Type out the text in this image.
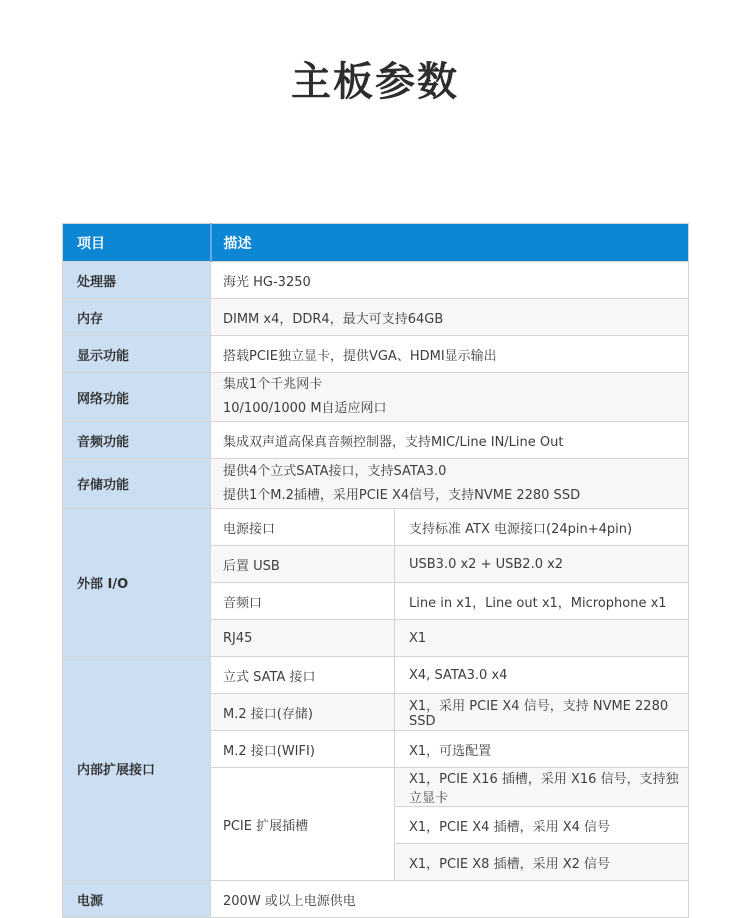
主板参数
项目	描述	
处理器	海光 HG-3250	
内存	DIMM x4，DDR4，最大可支持64GB	
显示功能	搭载PCIE独立显卡，提供VGA、HDMI显示输出	
网络功能	集成1个千兆网卡
10/100/1000 M自适应网口	

音频功能	集成双声道高保真音频控制器，支持MIC/Line IN/Line Out	
存储功能	提供4个立式SATA接口，支持SATA3.0
提供1个M.2插槽，采用PCIE X4信号，支持NVME 2280 SSD	

外部 I/O	电源接口	支持标准 ATX 电源接口(24pin+4pin)
	后置 USB	USB3.0 x2 + USB2.0 x2
	音频口	Line in x1，Line out x1，Microphone x1
	RJ45	X1
内部扩展接口	立式 SATA 接口	X4, SATA3.0 x4
	M.2 接口(存储)	X1，采用 PCIE X4 信号，支持 NVME 2280 SSD
	M.2 接口(WIFI)	X1，可选配置
	PCIE 扩展插槽	X1，PCIE X16 插槽，采用 X16 信号，支持独立显卡
		X1，PCIE X4 插槽，采用 X4 信号
		X1，PCIE X8 插槽，采用 X2 信号
电源	200W 或以上电源供电	
